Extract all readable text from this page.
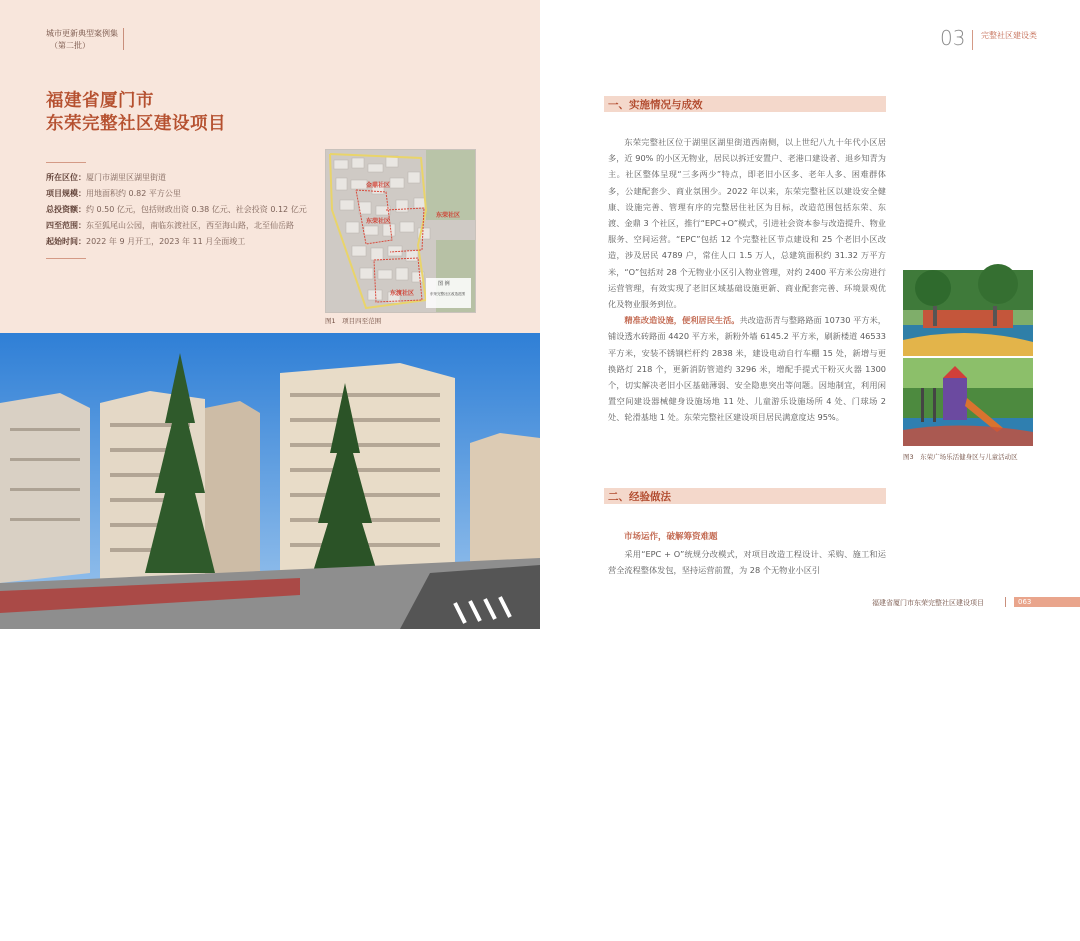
城市更新典型案例集
（第二批）
福建省厦门市
东荣完整社区建设项目
所在区位： 厦门市湖里区湖里街道
项目规模： 用地面积约 0.82 平方公里
总投资额： 约 0.50 亿元，包括财政出资 0.38 亿元、社会投资 0.12 亿元
四至范围： 东至狐尾山公园，南临东渡社区，西至海山路，北至仙岳路
起始时间： 2022 年 9 月开工，2023 年 11 月全面竣工
金鼎社区
东荣社区
东荣社区
东渡社区
图 例
东荣完整社区改造范围
图1　项目四至范围
图2　东荣社区更新后实景
03 完整社区建设类
一、实施情况与成效

东荣完整社区位于湖里区湖里街道西南侧，以上世纪八九十年代小区居多，近 90% 的小区无物业，居民以拆迁安置户、老港口建设者、退乡知青为主。社区整体呈现“三多两少”特点，即老旧小区多、老年人多、困难群体多，公建配套少、商业氛围少。2022 年以来，东荣完整社区以建设安全健康、设施完善、管理有序的完整居住社区为目标，改造范围包括东荣、东渡、金鼎 3 个社区，推行“EPC+O”模式，引进社会资本参与改造提升、物业服务、空间运营。“EPC”包括 12 个完整社区节点建设和 25 个老旧小区改造，涉及居民 4789 户，常住人口 1.5 万人，总建筑面积约 31.32 万平方米，“O”包括对 28 个无物业小区引入物业管理，对约 2400 平方米公房进行运营管理，有效实现了老旧区域基础设施更新、商业配套完善、环境景观优化及物业服务到位。

精准改造设施，便利居民生活。共改造沥青与整路路面 10730 平方米，铺设透水砖路面 4420 平方米，新粉外墙 6145.2 平方米，刷新楼道 46533 平方米，安装不锈钢栏杆约 2838 米，建设电动自行车棚 15 处，新增与更换路灯 218 个，更新消防管道约 3296 米，增配手提式干粉灭火器 1300 个，切实解决老旧小区基础薄弱、安全隐患突出等问题。因地制宜，利用闲置空间建设器械健身设施场地 11 处、儿童游乐设施场所 4 处、门球场 2 处、轮滑基地 1 处。东荣完整社区建设项目居民满意度达 95%。

二、经验做法
市场运作，破解筹资难题

采用“EPC + O”统规分改模式，对项目改造工程设计、采购、施工和运营全流程整体发包，坚持运营前置，为 28 个无物业小区引

图3　东荣广场乐活健身区与儿童活动区
福建省厦门市东荣完整社区建设项目	063
